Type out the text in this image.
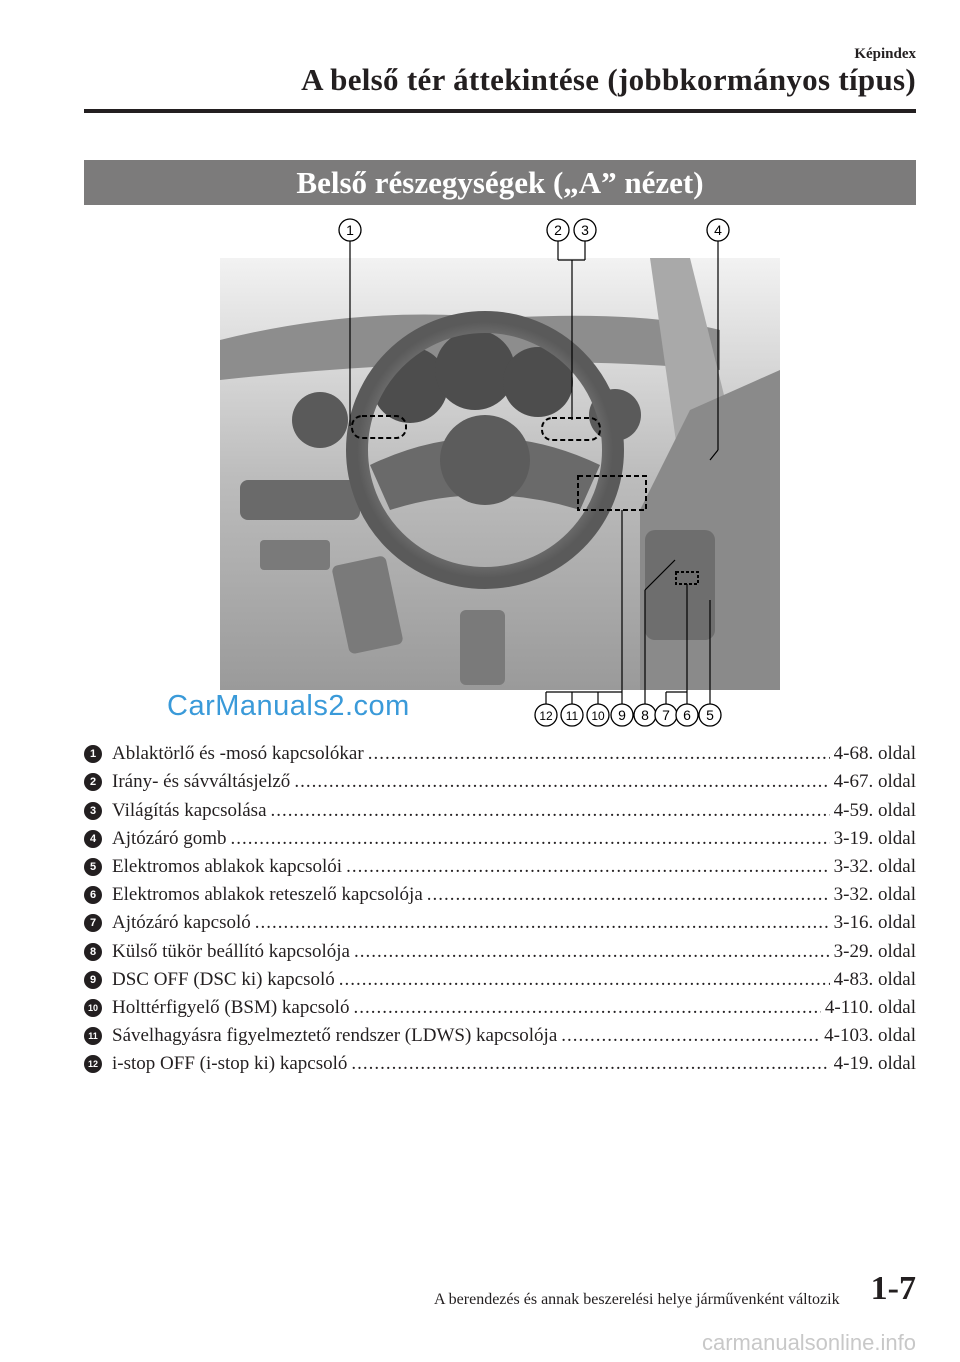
Képindex
A belső tér áttekintése (jobbkormányos típus)
Belső részegységek („A” nézet)
1	2 3	4
12 11 10 9 8 7 6 5
CarManuals2.com
1 Ablaktörlő és -mosó kapcsolókar .....	4-68. oldal
2 Irány- és sávváltásjelző .....	4-67. oldal
3 Világítás kapcsolása .....	4-59. oldal
4 Ajtózáró gomb .....	3-19. oldal
5 Elektromos ablakok kapcsolói .....	3-32. oldal
6 Elektromos ablakok reteszelő kapcsolója .....	3-32. oldal
7 Ajtózáró kapcsoló .....	3-16. oldal
8 Külső tükör beállító kapcsolója .....	3-29. oldal
9 DSC OFF (DSC ki) kapcsoló .....	4-83. oldal
10 Holttérfigyelő (BSM) kapcsoló .....	4-110. oldal
11 Sávelhagyásra figyelmeztető rendszer (LDWS) kapcsolója .....	4-103. oldal
12 i-stop OFF (i-stop ki) kapcsoló .....	4-19. oldal
A berendezés és annak beszerelési helye járművenként változik 1-7
carmanualsonline.info
